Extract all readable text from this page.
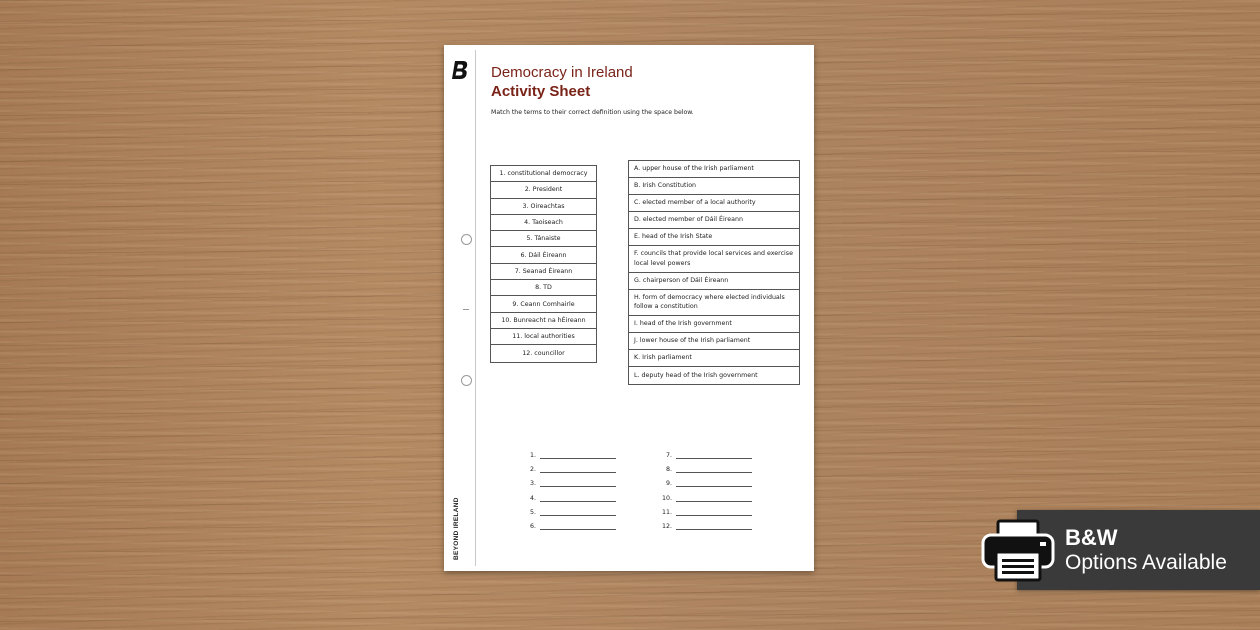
BEYOND IRELAND
Democracy in Ireland
Activity Sheet
Match the terms to their correct definition using the space below.
1. constitutional democracy
2. President
3. Oireachtas
4. Taoiseach
5. Tánaiste
6. Dáil Éireann
7. Seanad Éireann
8. TD
9. Ceann Comhairle
10. Bunreacht na hÉireann
11. local authorities
12. councillor
A. upper house of the Irish parliament
B. Irish Constitution
C. elected member of a local authority
D. elected member of Dáil Éireann
E. head of the Irish State
F. councils that provide local services and exercise local level powers
G. chairperson of Dáil Éireann
H. form of democracy where elected individuals follow a constitution
I. head of the Irish government
J. lower house of the Irish parliament
K. Irish parliament
L. deputy head of the Irish government
1.
2.
3.
4.
5.
6.
7.
8.
9.
10.
11.
12.	B&W
Options Available
